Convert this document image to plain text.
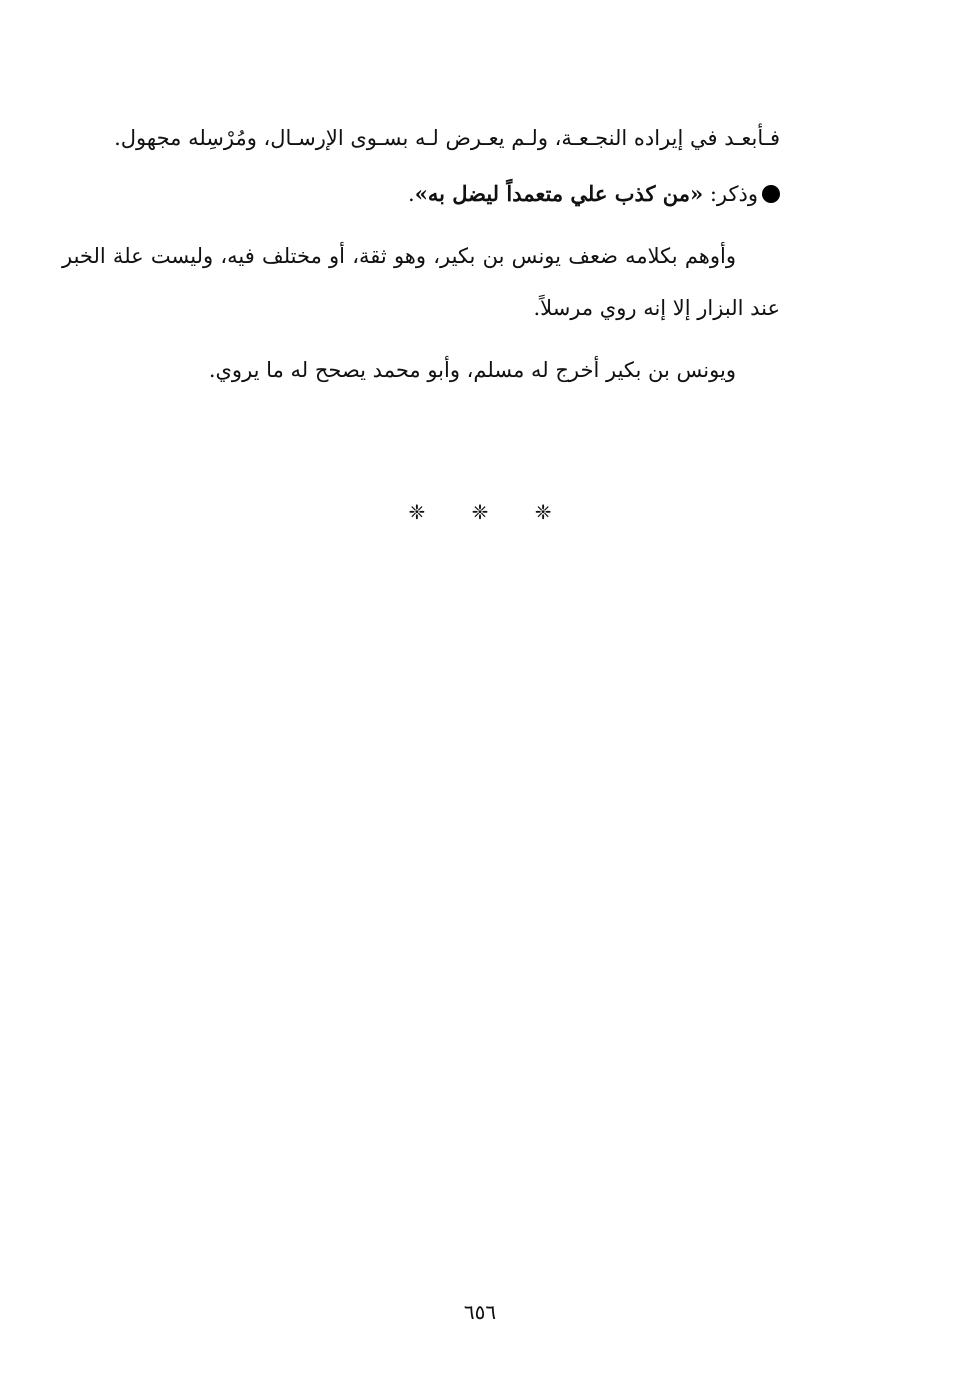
فـأبعـد في إيراده النجـعـة، ولـم يعـرض لـه بسـوى الإرسـال، ومُرْسِله مجهول.

وذكر: «من كذب علي متعمداً ليضل به».

وأوهم بكلامه ضعف يونس بن بكير، وهو ثقة، أو مختلف فيه، وليست علة الخبر عند البزار إلا إنه روي مرسلاً.

ويونس بن بكير أخرج له مسلم، وأبو محمد يصحح له ما يروي.

❈ ❈ ❈
٦٥٦
